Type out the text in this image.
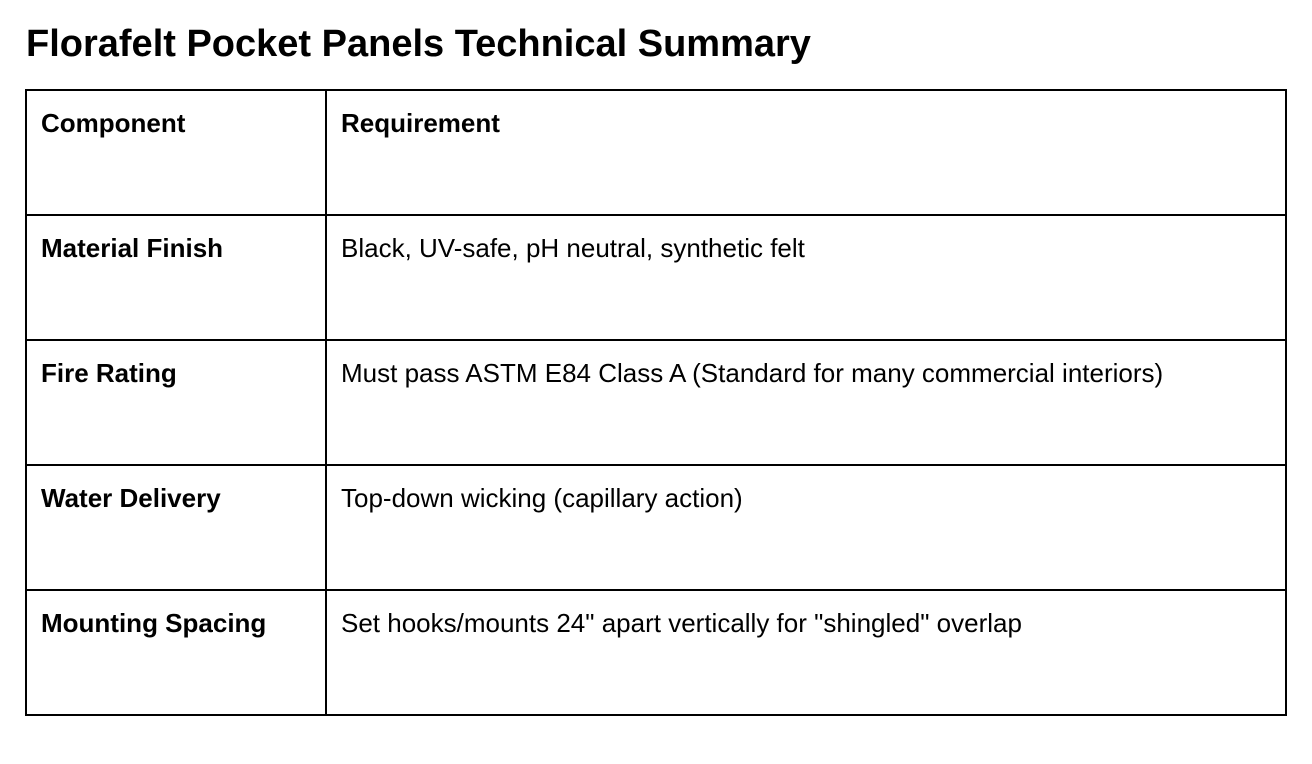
Florafelt Pocket Panels Technical Summary
Component	Requirement
Material Finish	Black, UV-safe, pH neutral, synthetic felt
Fire Rating	Must pass ASTM E84 Class A (Standard for many commercial interiors)
Water Delivery	Top-down wicking (capillary action)
Mounting Spacing	Set hooks/mounts 24" apart vertically for "shingled" overlap
